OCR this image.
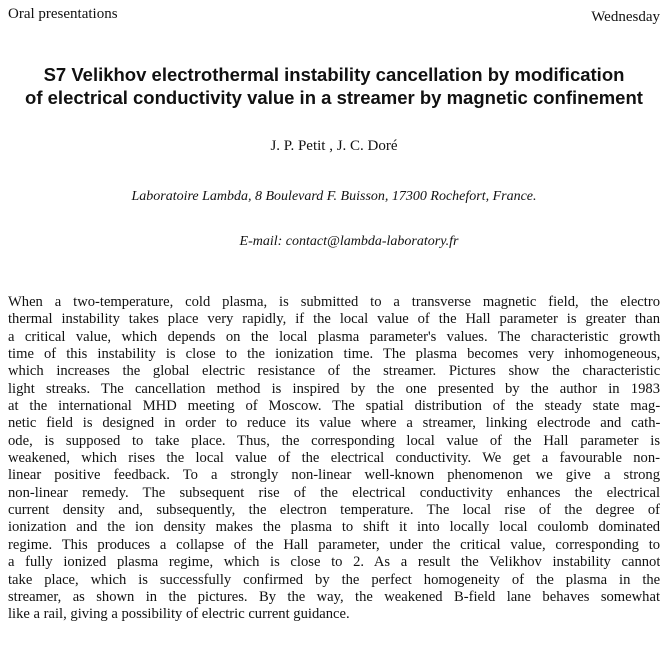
Oral presentations	Wednesday
S7 Velikhov electrothermal instability cancellation by modification
of electrical conductivity value in a streamer by magnetic confinement
J. P. Petit , J. C. Doré
Laboratoire Lambda, 8 Boulevard F. Buisson, 17300 Rochefort, France.
E-mail: contact@lambda-laboratory.fr
When a two-temperature, cold plasma, is submitted to a transverse magnetic field, the electro
thermal instability takes place very rapidly, if the local value of the Hall parameter is greater than
a critical value, which depends on the local plasma parameter's values. The characteristic growth
time of this instability is close to the ionization time. The plasma becomes very inhomogeneous,
which increases the global electric resistance of the streamer. Pictures show the characteristic
light streaks. The cancellation method is inspired by the one presented by the author in 1983
at the international MHD meeting of Moscow. The spatial distribution of the steady state mag-
netic field is designed in order to reduce its value where a streamer, linking electrode and cath-
ode, is supposed to take place. Thus, the corresponding local value of the Hall parameter is
weakened, which rises the local value of the electrical conductivity. We get a favourable non-
linear positive feedback. To a strongly non-linear well-known phenomenon we give a strong
non-linear remedy. The subsequent rise of the electrical conductivity enhances the electrical
current density and, subsequently, the electron temperature. The local rise of the degree of
ionization and the ion density makes the plasma to shift it into locally local coulomb dominated
regime. This produces a collapse of the Hall parameter, under the critical value, corresponding to
a fully ionized plasma regime, which is close to 2. As a result the Velikhov instability cannot
take place, which is successfully confirmed by the perfect homogeneity of the plasma in the
streamer, as shown in the pictures. By the way, the weakened B-field lane behaves somewhat
like a rail, giving a possibility of electric current guidance.
